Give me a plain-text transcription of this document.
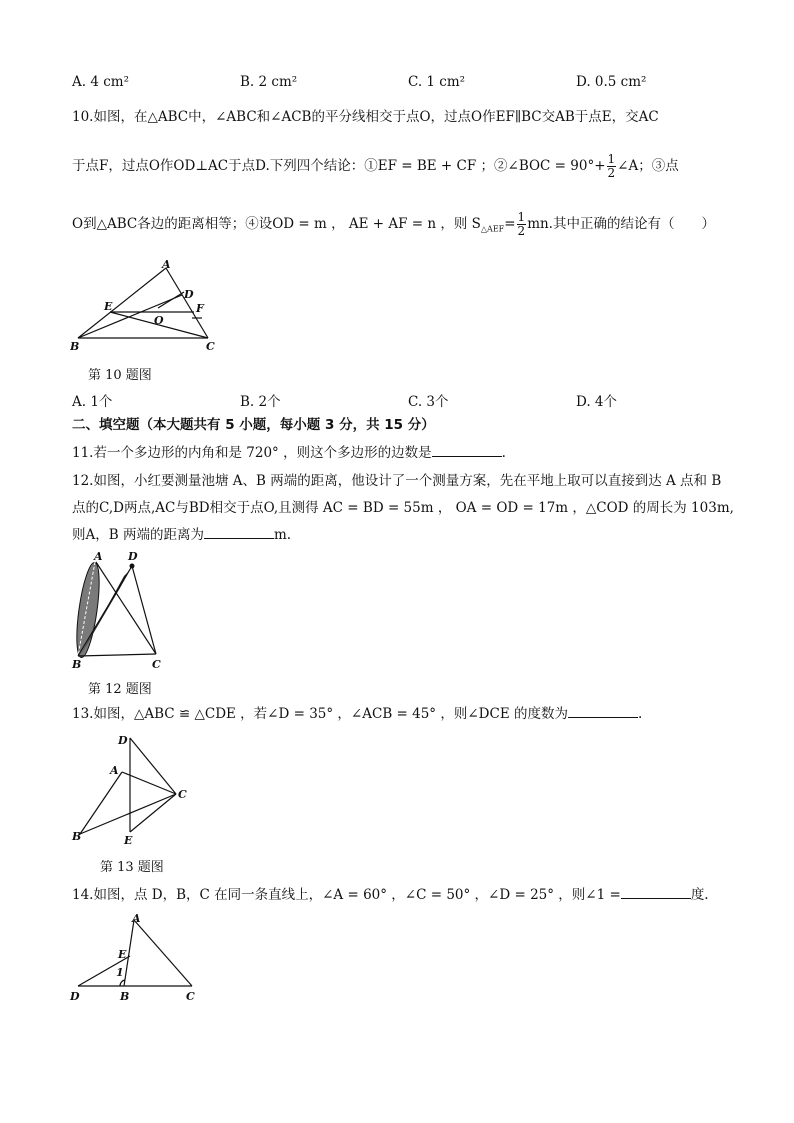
A. 4 cm²	B. 2 cm²	C. 1 cm²	D. 0.5 cm²
10.如图，在△ABC中，∠ABC和∠ACB的平分线相交于点O，过点O作EF∥BC交AB于点E，交AC
于点F，过点O作OD⊥AC于点D.下列四个结论：①EF = BE + CF ；②∠BOC = $90^\circ+ \frac{1}{2}$ ∠A；③点
O到△ABC各边的距离相等；④设OD = m ， AE + AF = n ，则 $S_{\triangle AEF}= \frac{1}{2}$ mn.其中正确的结论有（　　）
A
B	C
D
E	F
O
第 10 题图
A. 1个	B. 2个	C. 3个	D. 4个
二、填空题（本大题共有 5 小题，每小题 3 分，共 15 分）
11.若一个多边形的内角和是 720° ，则这个多边形的边数是	.
12.如图，小红要测量池塘 A、B 两端的距离，他设计了一个测量方案，先在平地上取可以直接到达 A 点和 B
点的C,D两点,AC与BD相交于点O,且测得 AC = BD = 55m ， OA = OD = 17m ，△COD 的周长为 103m,
则A，B 两端的距离为	m.
A
B	C
D
第 12 题图
13.如图，△ABC ≌ △CDE ，若∠D = 35° ，∠ACB = 45° ，则∠DCE 的度数为	.
D
A
C
B	E
第 13 题图
14.如图，点 D，B，C 在同一条直线上，∠A = 60° ，∠C = 50° ，∠D = 25° ，则∠1 =	度.
A
E
1
D	B	C
